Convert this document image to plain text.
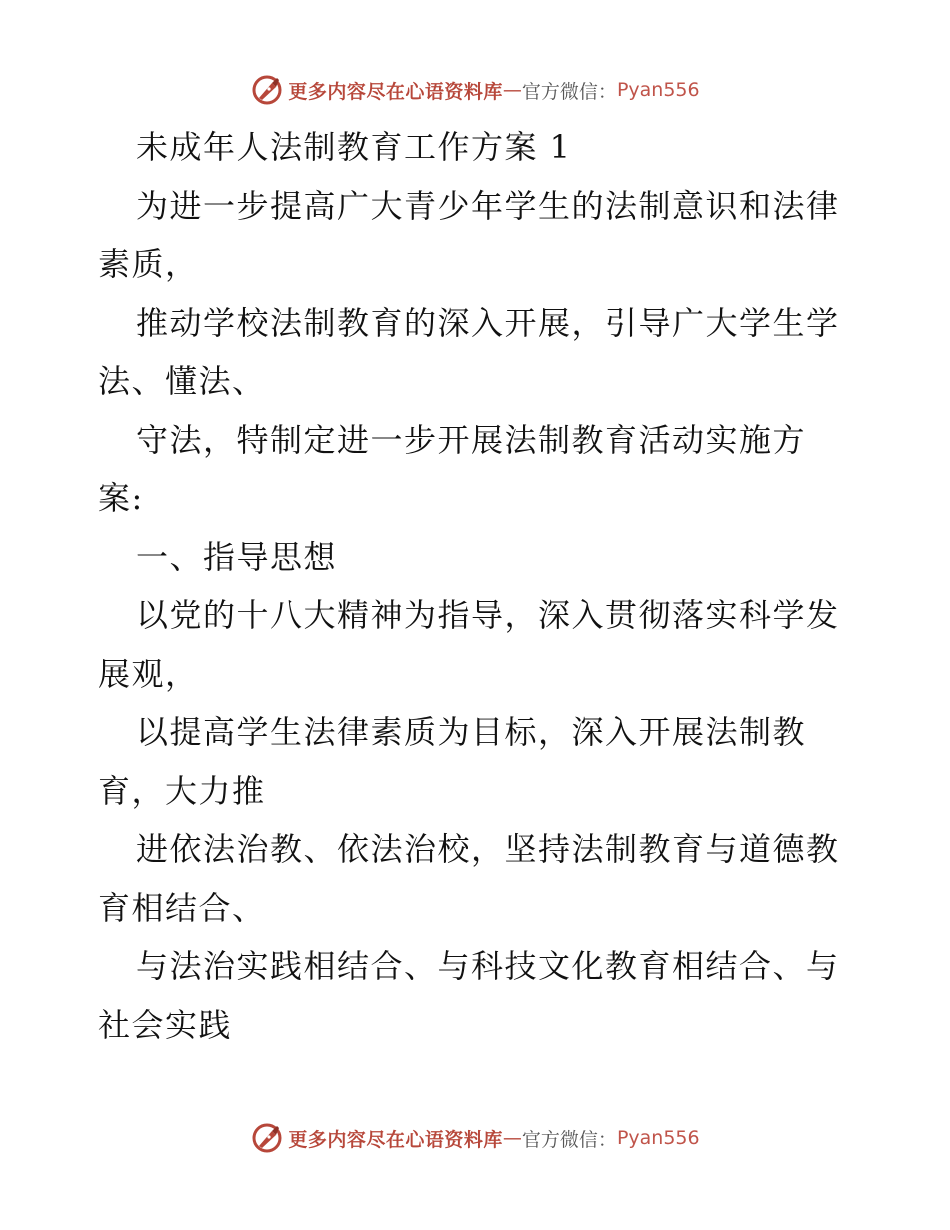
更多内容尽在心语资料库 — 官方微信： Pyan556
未成年人法制教育工作方案 1
为进一步提高广大青少年学生的法制意识和法律
素质，
推动学校法制教育的深入开展，引导广大学生学
法、懂法、
守法，特制定进一步开展法制教育活动实施方
案:
一、指导思想
以党的十八大精神为指导，深入贯彻落实科学发
展观，
以提高学生法律素质为目标，深入开展法制教
育，大力推
进依法治教、依法治校，坚持法制教育与道德教
育相结合、
与法治实践相结合、与科技文化教育相结合、与
社会实践
更多内容尽在心语资料库 — 官方微信： Pyan556
